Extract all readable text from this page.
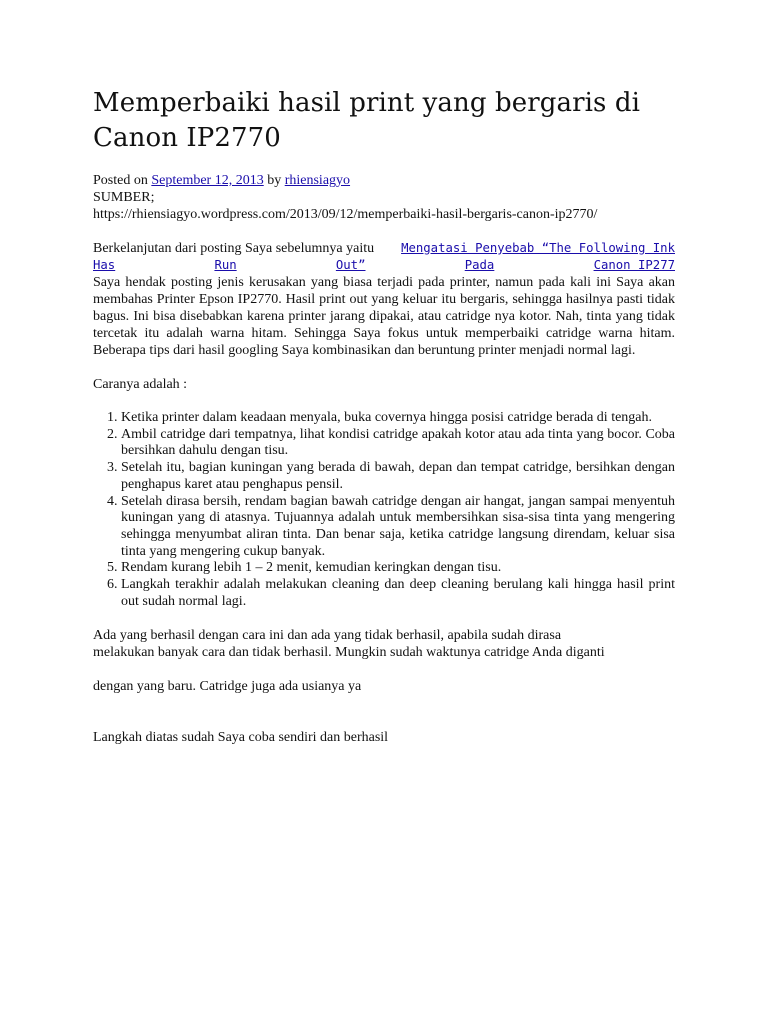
Memperbaiki hasil print yang bergaris di Canon IP2770
Posted on September 12, 2013 by rhiensiagyo
SUMBER;
https://rhiensiagyo.wordpress.com/2013/09/12/memperbaiki-hasil-bergaris-canon-ip2770/
Berkelanjutan dari posting Saya sebelumnya yaitu Mengatasi Penyebab “The Following Ink
Has	Run	Out”	Pada	Canon IP277
Saya hendak posting jenis kerusakan yang biasa terjadi pada printer, namun pada kali ini Saya akan membahas Printer Epson IP2770. Hasil print out yang keluar itu bergaris, sehingga hasilnya pasti tidak bagus. Ini bisa disebabkan karena printer jarang dipakai, atau catridge nya kotor. Nah, tinta yang tidak tercetak itu adalah warna hitam. Sehingga Saya fokus untuk memperbaiki catridge warna hitam. Beberapa tips dari hasil googling Saya kombinasikan dan beruntung printer menjadi normal lagi.
Caranya adalah :
1. Ketika printer dalam keadaan menyala, buka covernya hingga posisi catridge berada di tengah.
2. Ambil catridge dari tempatnya, lihat kondisi catridge apakah kotor atau ada tinta yang bocor. Coba bersihkan dahulu dengan tisu.
3. Setelah itu, bagian kuningan yang berada di bawah, depan dan tempat catridge, bersihkan dengan penghapus karet atau penghapus pensil.
4. Setelah dirasa bersih, rendam bagian bawah catridge dengan air hangat, jangan sampai menyentuh kuningan yang di atasnya. Tujuannya adalah untuk membersihkan sisa-sisa tinta yang mengering sehingga menyumbat aliran tinta. Dan benar saja, ketika catridge langsung direndam, keluar sisa tinta yang mengering cukup banyak.
5. Rendam kurang lebih 1 – 2 menit, kemudian keringkan dengan tisu.
6. Langkah terakhir adalah melakukan cleaning dan deep cleaning berulang kali hingga hasil print out sudah normal lagi.
Ada yang berhasil dengan cara ini dan ada yang tidak berhasil, apabila sudah dirasa
melakukan banyak cara dan tidak berhasil. Mungkin sudah waktunya catridge Anda diganti
dengan yang baru. Catridge juga ada usianya ya
Langkah diatas sudah Saya coba sendiri dan berhasil
